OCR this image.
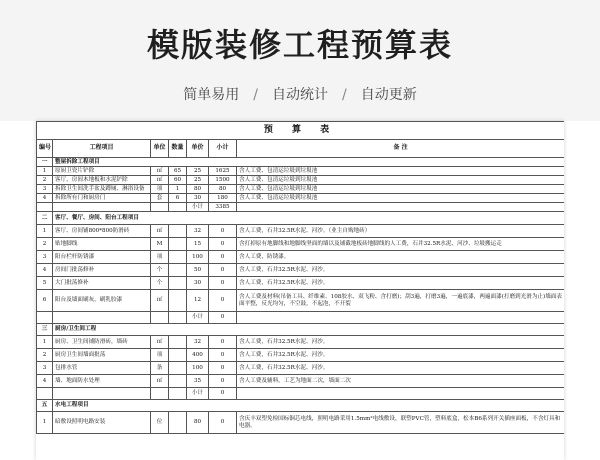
模版装修工程预算表
简单易用 / 自动统计 / 自动更新
预 算 表						
编号	工程项目	单位	数量	单价	小计	备 注
一	整屋拆除工程项目					
1	原厨卫瓷片铲除	㎡	65	25	1625	含人工费、包清运垃圾到垃圾池
2	客厅、房间木地板和水泥铲除	㎡	60	25	1500	含人工费、包清运垃圾到垃圾池
3	拆除卫生间洗手盆及蹲厕、淋浴设备	项	1	80	80	含人工费、包清运垃圾到垃圾池
4	拆除所有门和厨房门	套	6	30	180	含人工费、包清运垃圾到垃圾池
				小计	3385	
二	客厅、餐厅、房间、阳台工程项目					
1	客厅、房间铺800*800防滑砖	㎡		32	0	含人工费，石井32.5R水泥、河沙。（业主自购地砖）
2	贴地脚线	M		15	0	含打掉原有地脚线和地脚线坚面的墙以及铺截地板砖地脚线的人工费，石井32.5R水泥、河沙、垃圾搬运走
3	阳台栏杆防锈漆	项		100	0	含人工费，防锈漆。
4	房间门批荡修补	个		50	0	含人工费，石井32.5R水泥、河沙。
5	大门批荡修补	个		30	0	含人工费，石井32.5R水泥、河沙。
6	阳台及墙面刷灰，刷乳胶漆	㎡		12	0	含人工费及材料(吊备工具、纤维素、108胶水、双飞粉、含打磨)；刮3遍，打磨3遍，一遍底漆，两遍面漆(打磨到光滑为止)墙面表面平整，反光均匀，不空鼓，不起泡，不开裂
				小计	0	
三	厨房/卫生间工程					
1	厨房、卫生间铺防滑砖，墙砖	㎡		32	0	含人工费，石井32.5R水泥、河沙。
2	厨房卫生间墙面批荡	项		400	0	含人工费，石井32.5R水泥、河沙。
3	包排水管	条		100	0	含人工费，石井32.5R水泥、河沙。
4	墙、地面防水处理	㎡		35	0	含人工费及辅料，工艺为地面二次，墙面二次
				小计	0	
五	水电工程项目					
1	暗敷设照明电路安装	位		80	0	含庆丰双塑免检国标铜芯电线，照明电路采用1.5mm²电线敷设，联塑PVC管，塑料底盒，松本B6系列开关插座面板，不含灯具和电器。
